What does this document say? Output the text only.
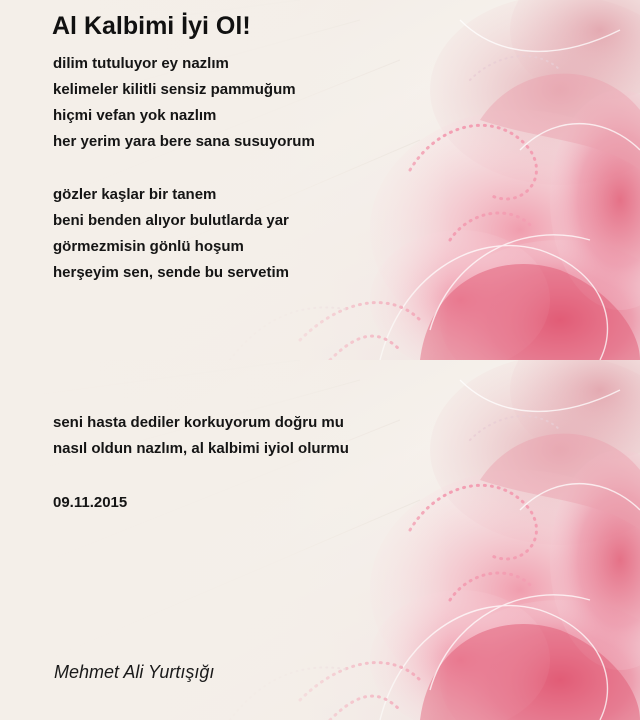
Al Kalbimi İyi Ol!
dilim tutuluyor ey nazlım
kelimeler kilitli sensiz pammuğum
hiçmi vefan yok nazlım
her yerim yara bere sana susuyorum
gözler kaşlar bir tanem
beni benden alıyor bulutlarda yar
görmezmisin gönlü hoşum
herşeyim sen, sende bu servetim
seni hasta dediler korkuyorum doğru mu
nasıl oldun nazlım, al kalbimi iyiol olurmu
09.11.2015
Mehmet Ali Yurtışığı
